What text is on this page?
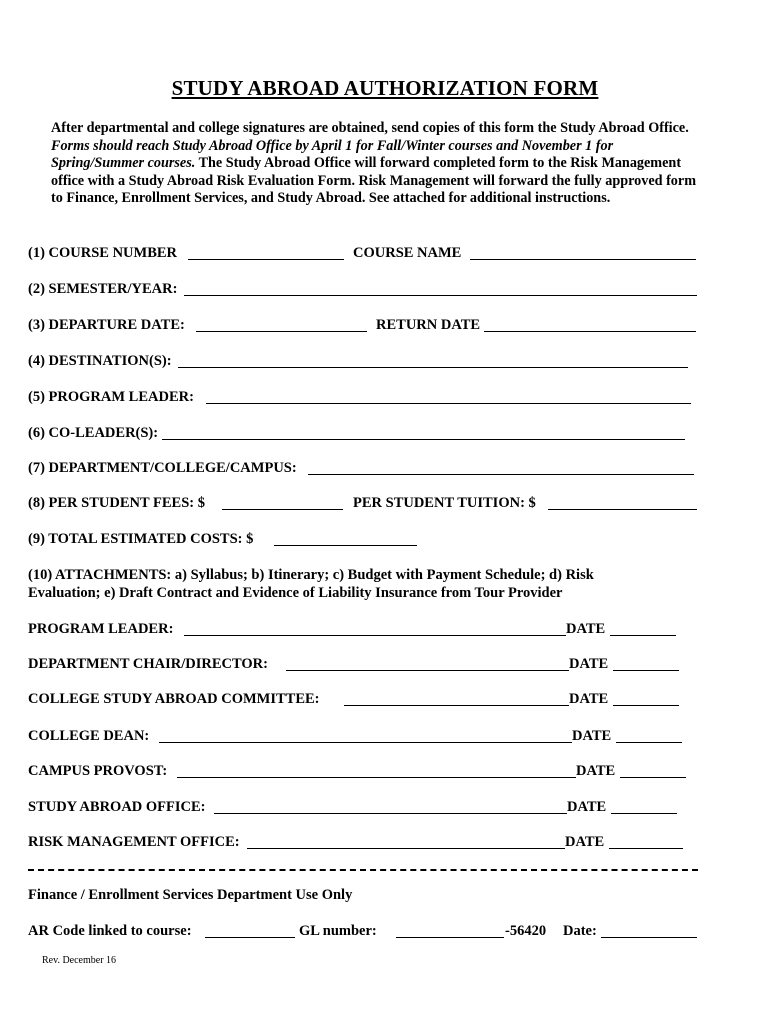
STUDY ABROAD AUTHORIZATION FORM
After departmental and college signatures are obtained, send copies of this form the Study Abroad Office. Forms should reach Study Abroad Office by April 1 for Fall/Winter courses and November 1 for Spring/Summer courses. The Study Abroad Office will forward completed form to the Risk Management office with a Study Abroad Risk Evaluation Form. Risk Management will forward the fully approved form to Finance, Enrollment Services, and Study Abroad. See attached for additional instructions.
(1) COURSE NUMBER	COURSE NAME
(2) SEMESTER/YEAR:
(3) DEPARTURE DATE:	RETURN DATE
(4) DESTINATION(S):
(5) PROGRAM LEADER:
(6) CO-LEADER(S):
(7) DEPARTMENT/COLLEGE/CAMPUS:
(8) PER STUDENT FEES: $	PER STUDENT TUITION: $
(9) TOTAL ESTIMATED COSTS: $
(10) ATTACHMENTS: a) Syllabus; b) Itinerary; c) Budget with Payment Schedule; d) Risk Evaluation; e) Draft Contract and Evidence of Liability Insurance from Tour Provider
PROGRAM LEADER:	DATE
DEPARTMENT CHAIR/DIRECTOR:	DATE
COLLEGE STUDY ABROAD COMMITTEE:	DATE
COLLEGE DEAN:	DATE
CAMPUS PROVOST:	DATE
STUDY ABROAD OFFICE:	DATE
RISK MANAGEMENT OFFICE:	DATE
Finance / Enrollment Services Department Use Only
AR Code linked to course:	GL number:	-56420 Date:
Rev. December 16
